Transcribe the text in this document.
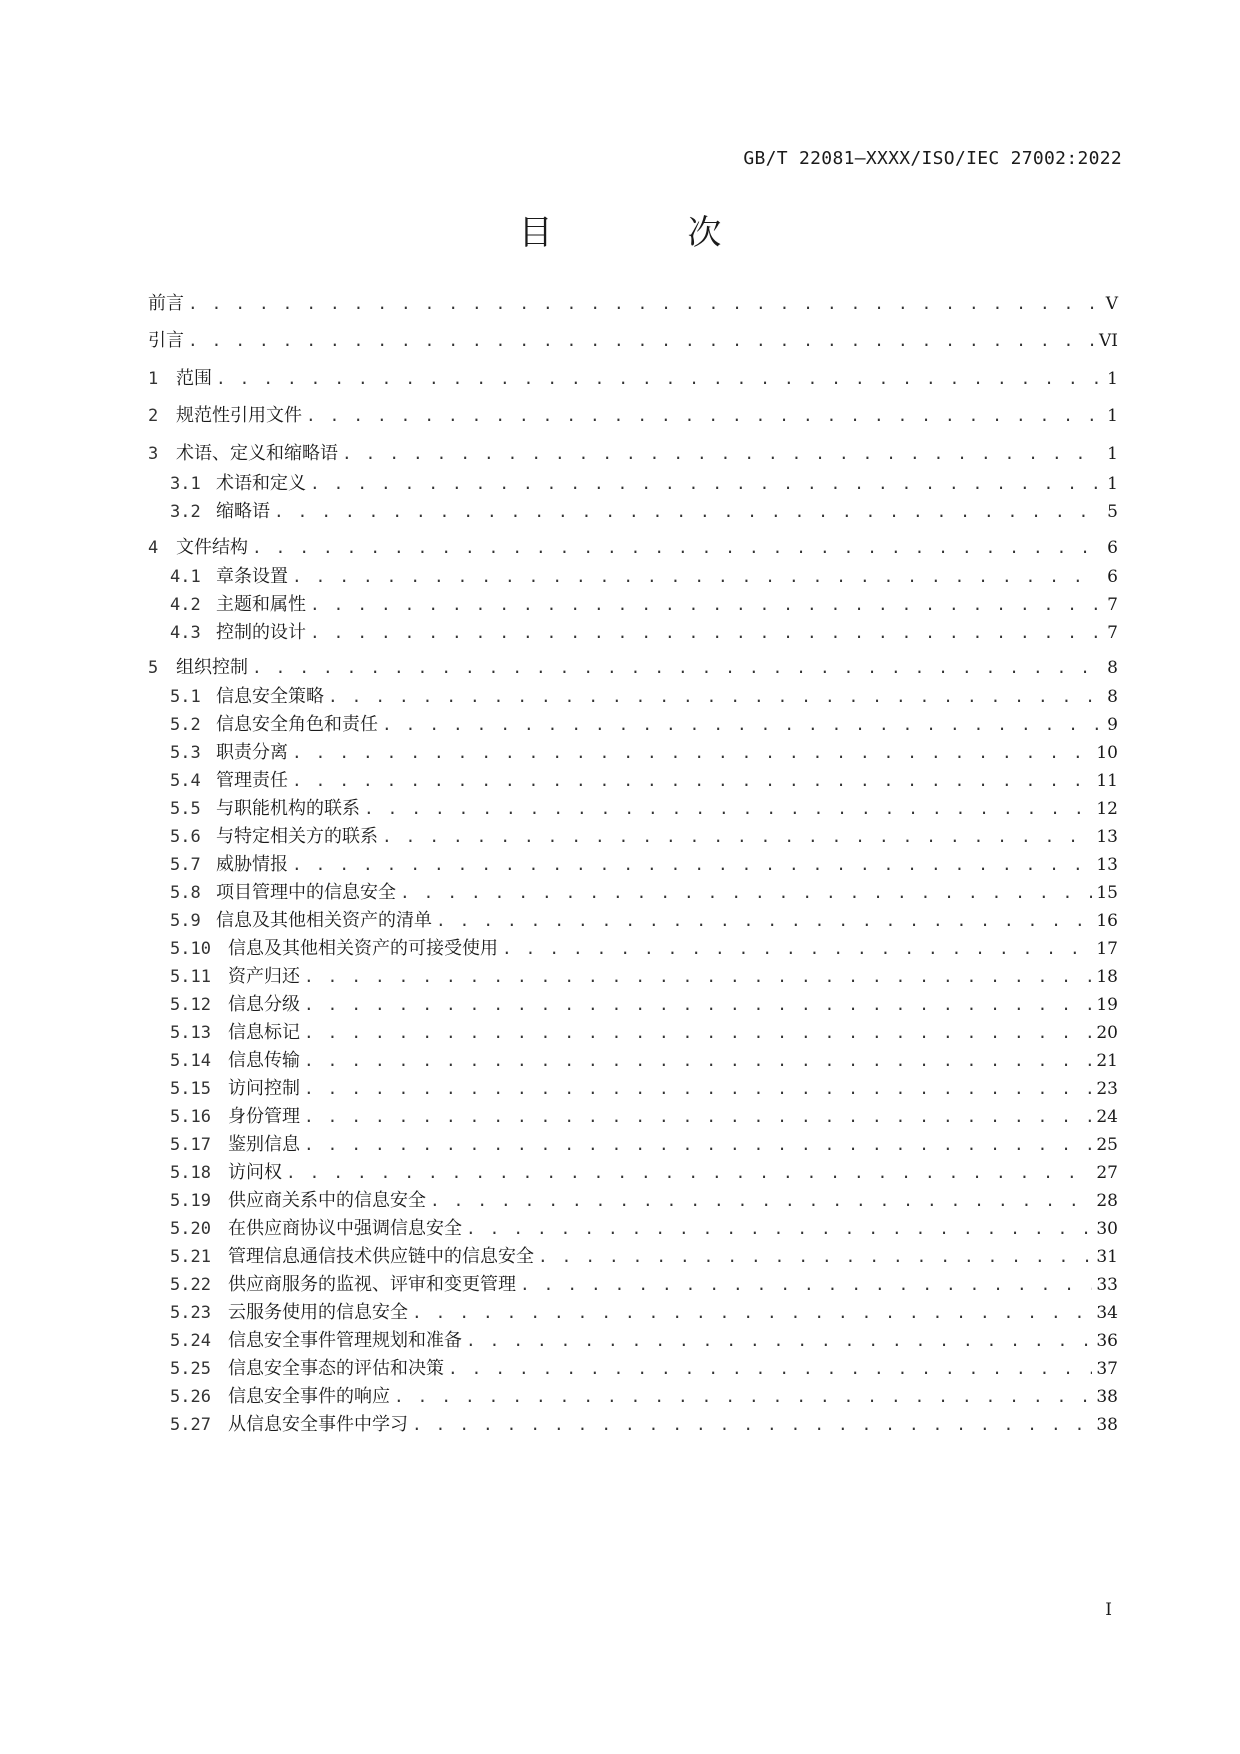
GB/T 22081—XXXX/ISO/IEC 27002:2022
目 次
前言 . . .	V
引言 . . .	VI
1 范围 . . .	1
2 规范性引用文件 . . .	1
3 术语、定义和缩略语 . . .	1
3.1 术语和定义 . . .	1
3.2 缩略语 . . .	5
4 文件结构 . . .	6
4.1 章条设置 . . .	6
4.2 主题和属性 . . .	7
4.3 控制的设计 . . .	7
5 组织控制 . . .	8
5.1 信息安全策略 . . .	8
5.2 信息安全角色和责任 . . .	9
5.3 职责分离 . . .	10
5.4 管理责任 . . .	11
5.5 与职能机构的联系 . . .	12
5.6 与特定相关方的联系 . . .	13
5.7 威胁情报 . . .	13
5.8 项目管理中的信息安全 . . .	15
5.9 信息及其他相关资产的清单 . . .	16
5.10 信息及其他相关资产的可接受使用 . . .	17
5.11 资产归还 . . .	18
5.12 信息分级 . . .	19
5.13 信息标记 . . .	20
5.14 信息传输 . . .	21
5.15 访问控制 . . .	23
5.16 身份管理 . . .	24
5.17 鉴别信息 . . .	25
5.18 访问权 . . .	27
5.19 供应商关系中的信息安全 . . .	28
5.20 在供应商协议中强调信息安全 . . .	30
5.21 管理信息通信技术供应链中的信息安全 . . .	31
5.22 供应商服务的监视、评审和变更管理 . . .	33
5.23 云服务使用的信息安全 . . .	34
5.24 信息安全事件管理规划和准备 . . .	36
5.25 信息安全事态的评估和决策 . . .	37
5.26 信息安全事件的响应 . . .	38
5.27 从信息安全事件中学习 . . .	38
I
